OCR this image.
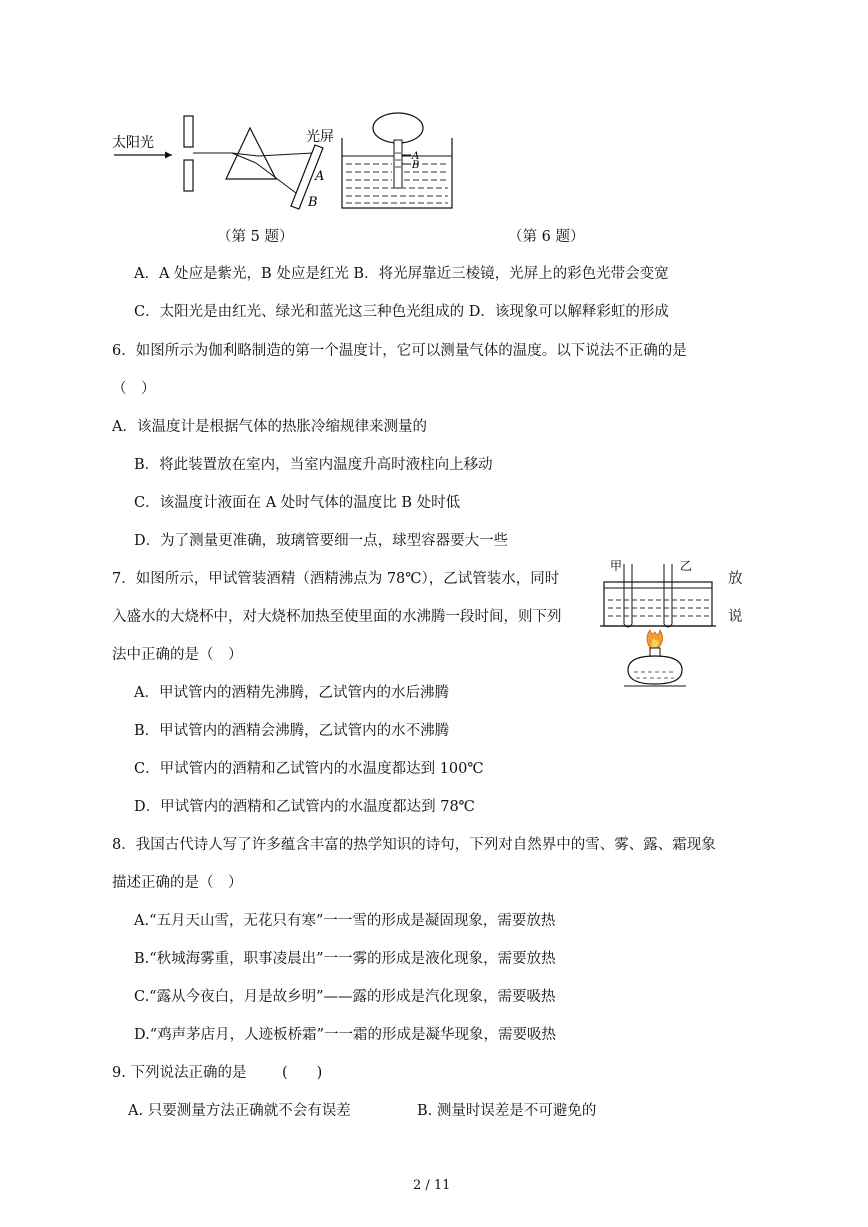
太阳光	光屏
A
B
A
B
（第 5 题）	（第 6 题）
A．A 处应是紫光，B 处应是红光 B．将光屏靠近三棱镜，光屏上的彩色光带会变宽
C．太阳光是由红光、绿光和蓝光这三种色光组成的 D．该现象可以解释彩虹的形成
6．如图所示为伽利略制造的第一个温度计，它可以测量气体的温度。以下说法不正确的是
（　）
A．该温度计是根据气体的热胀冷缩规律来测量的
B．将此装置放在室内，当室内温度升高时液柱向上移动
C．该温度计液面在 A 处时气体的温度比 B 处时低
D．为了测量更准确，玻璃管要细一点，球型容器要大一些
7．如图所示，甲试管装酒精（酒精沸点为 78℃），乙试管装水，同时	放
入盛水的大烧杯中，对大烧杯加热至使里面的水沸腾一段时间，则下列	说
法中正确的是（　）
甲	乙
A．甲试管内的酒精先沸腾，乙试管内的水后沸腾
B．甲试管内的酒精会沸腾，乙试管内的水不沸腾
C．甲试管内的酒精和乙试管内的水温度都达到 100℃
D．甲试管内的酒精和乙试管内的水温度都达到 78℃
8．我国古代诗人写了许多蕴含丰富的热学知识的诗句，下列对自然界中的雪、雾、露、霜现象
描述正确的是（　）
A.“五月天山雪，无花只有寒”一一雪的形成是凝固现象，需要放热
B.“秋城海雾重，职事凌晨出”一一雾的形成是液化现象，需要放热
C.“露从今夜白，月是故乡明”——露的形成是汽化现象，需要吸热
D.“鸡声茅店月，人迹板桥霜”一一霜的形成是凝华现象，需要吸热
9. 下列说法正确的是 (　　)
A. 只要测量方法正确就不会有误差	B. 测量时误差是不可避免的
2 / 11
